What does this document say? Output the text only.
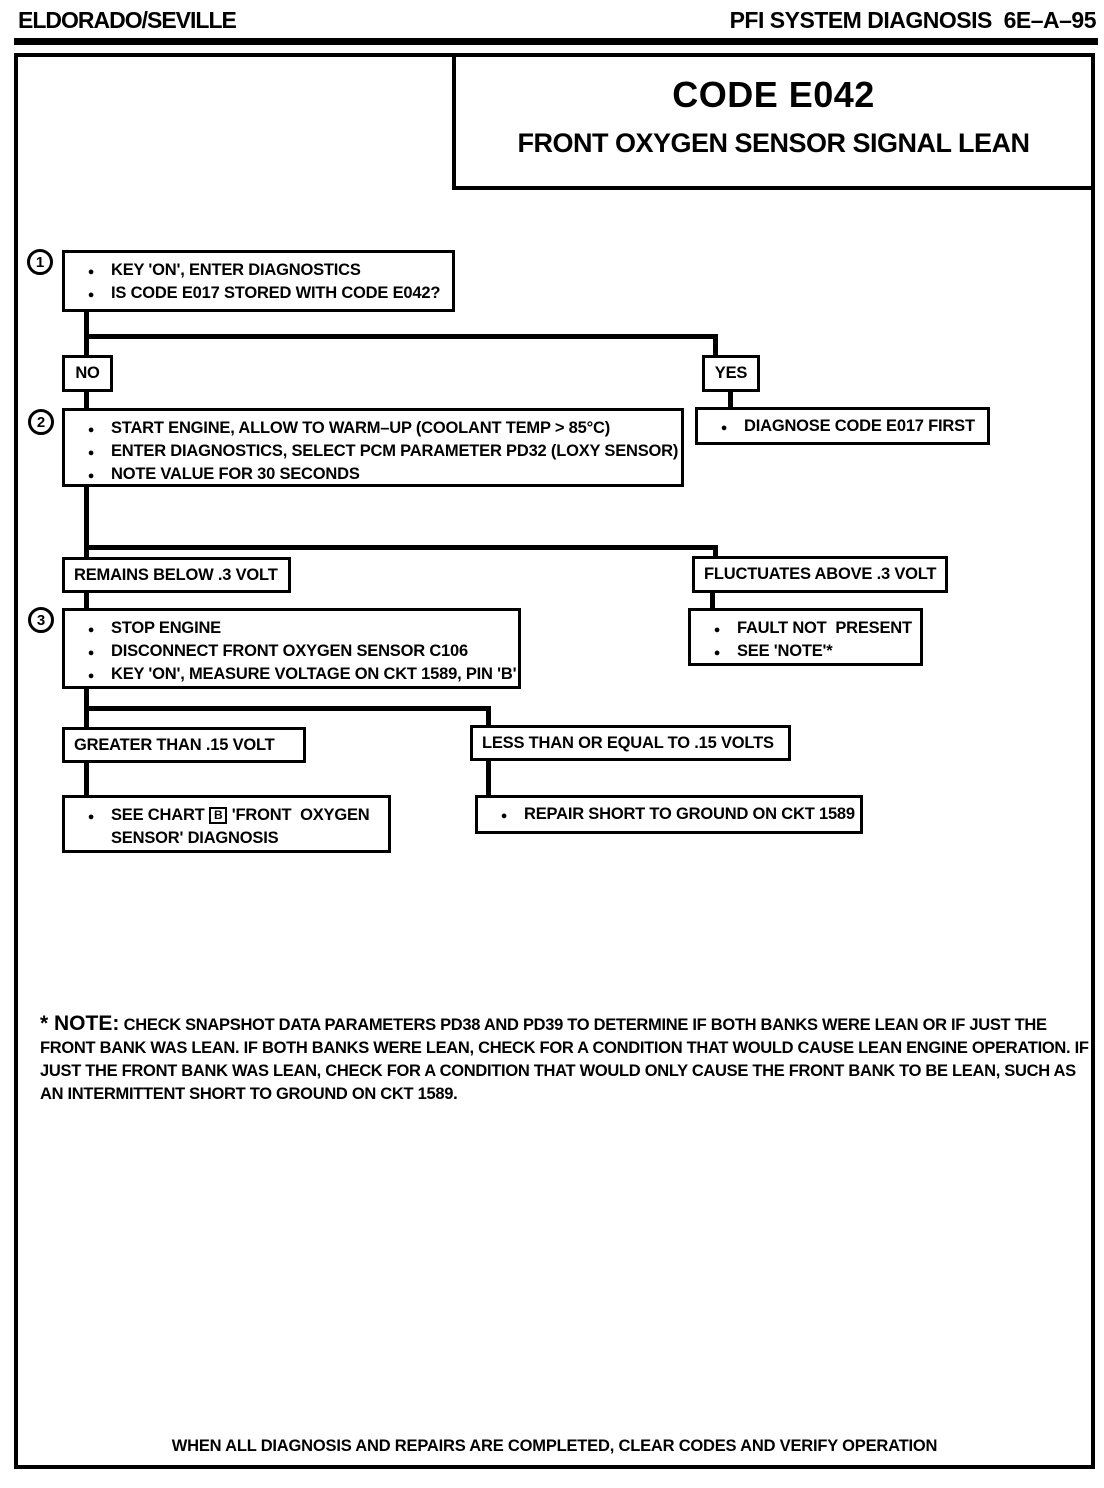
ELDORADO/SEVILLE	PFI SYSTEM DIAGNOSIS  6E–A–95
CODE E042
FRONT OXYGEN SENSOR SIGNAL LEAN
1
2
3
● KEY 'ON', ENTER DIAGNOSTICS
● IS CODE E017 STORED WITH CODE E042?
NO	YES
● START ENGINE, ALLOW TO WARM–UP (COOLANT TEMP > 85°C)
● ENTER DIAGNOSTICS, SELECT PCM PARAMETER PD32 (LOXY SENSOR)
● NOTE VALUE FOR 30 SECONDS
● DIAGNOSE CODE E017 FIRST
REMAINS BELOW .3 VOLT	FLUCTUATES ABOVE .3 VOLT
● STOP ENGINE
● DISCONNECT FRONT OXYGEN SENSOR C106
● KEY 'ON', MEASURE VOLTAGE ON CKT 1589, PIN 'B'
● FAULT NOT  PRESENT
● SEE 'NOTE'*
GREATER THAN .15 VOLT	LESS THAN OR EQUAL TO .15 VOLTS
● SEE CHART B 'FRONT  OXYGEN SENSOR' DIAGNOSIS
● REPAIR SHORT TO GROUND ON CKT 1589
* NOTE: CHECK SNAPSHOT DATA PARAMETERS PD38 AND PD39 TO DETERMINE IF BOTH BANKS WERE LEAN OR IF JUST THE FRONT BANK WAS LEAN. IF BOTH BANKS WERE LEAN, CHECK FOR A CONDITION THAT WOULD CAUSE LEAN ENGINE OPERATION. IF JUST THE FRONT BANK WAS LEAN, CHECK FOR A CONDITION THAT WOULD ONLY CAUSE THE FRONT BANK TO BE LEAN, SUCH AS AN INTERMITTENT SHORT TO GROUND ON CKT 1589.
WHEN ALL DIAGNOSIS AND REPAIRS ARE COMPLETED, CLEAR CODES AND VERIFY OPERATION
